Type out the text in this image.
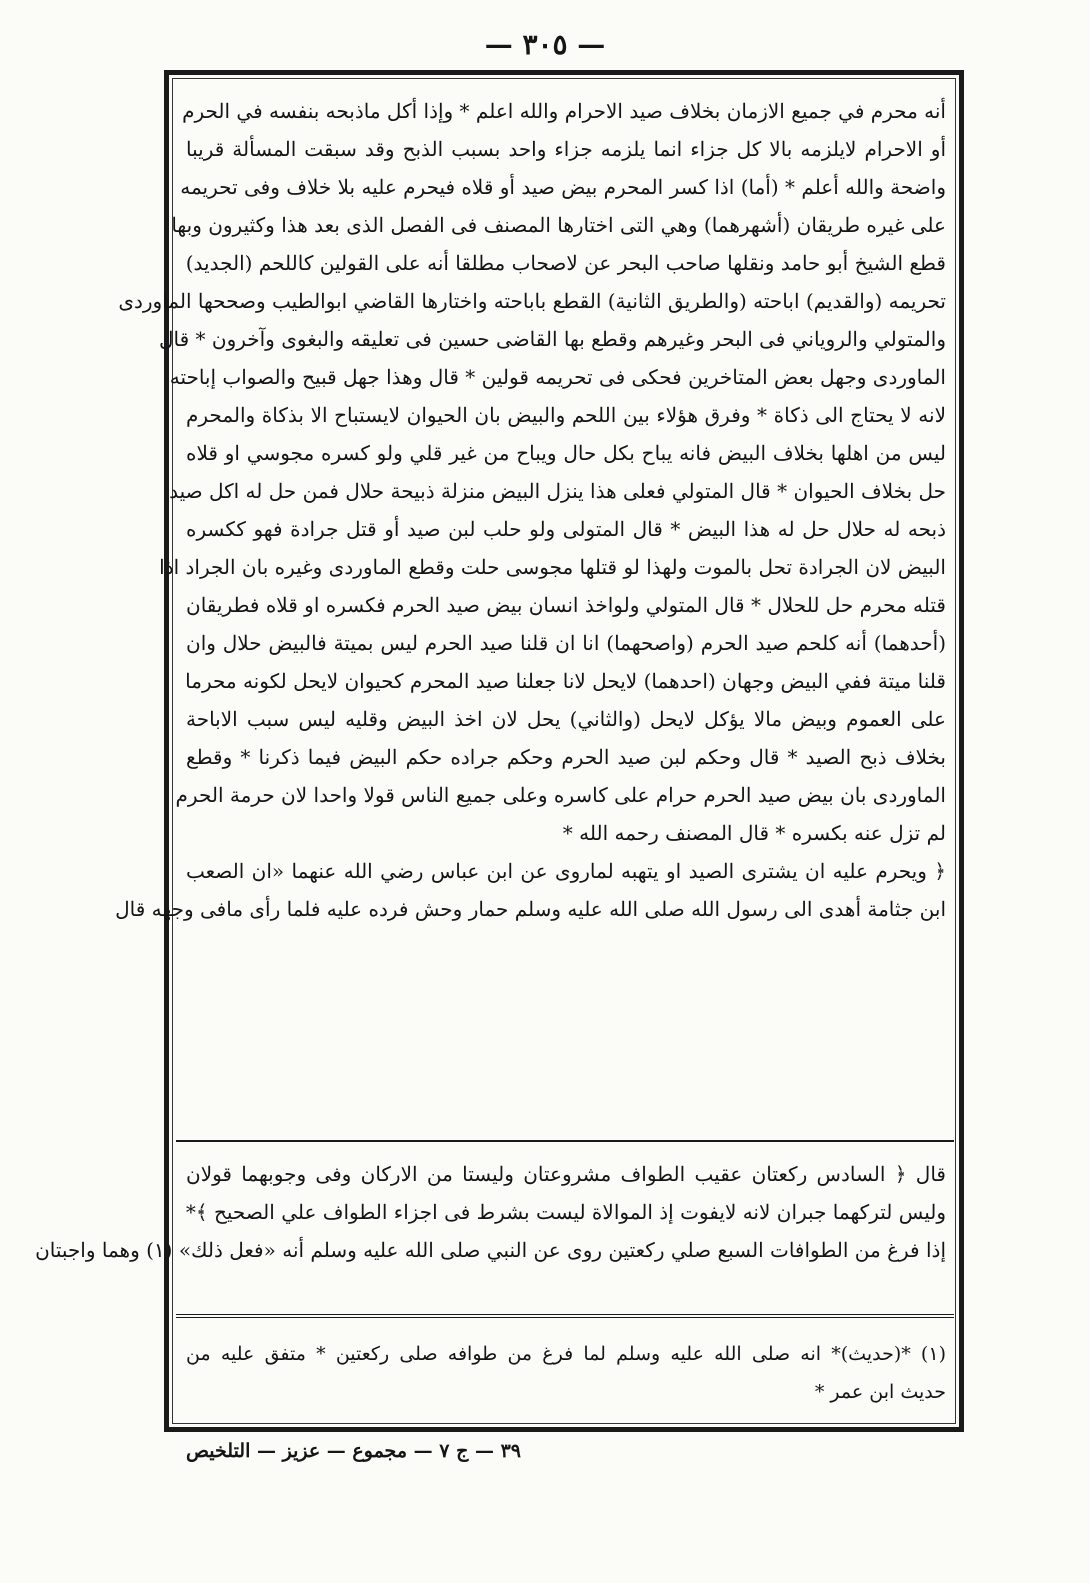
— ٣٠٥ —
أنه محرم في جميع الازمان بخلاف صيد الاحرام والله اعلم * وإذا أكل ماذبحه بنفسه في الحرم
أو الاحرام لايلزمه بالا كل جزاء انما يلزمه جزاء واحد بسبب الذبح وقد سبقت المسألة قريبا
واضحة والله أعلم * (أما) اذا كسر المحرم بيض صيد أو قلاه فيحرم عليه بلا خلاف وفى تحريمه
على غيره طريقان (أشهرهما) وهي التى اختارها المصنف فى الفصل الذى بعد هذا وكثيرون وبها
قطع الشيخ أبو حامد ونقلها صاحب البحر عن لاصحاب مطلقا أنه على القولين كاللحم (الجديد)
تحريمه (والقديم) اباحته (والطريق الثانية) القطع باباحته واختارها القاضي ابوالطيب وصححها الماوردى
والمتولي والروياني فى البحر وغيرهم وقطع بها القاضى حسين فى تعليقه والبغوى وآخرون * قال
الماوردى وجهل بعض المتاخرين فحكى فى تحريمه قولين * قال وهذا جهل قبيح والصواب إباحته
لانه لا يحتاج الى ذكاة * وفرق هؤلاء بين اللحم والبيض بان الحيوان لايستباح الا بذكاة والمحرم
ليس من اهلها بخلاف البيض فانه يباح بكل حال ويباح من غير قلي ولو كسره مجوسي او قلاه
حل بخلاف الحيوان * قال المتولي فعلى هذا ينزل البيض منزلة ذبيحة حلال فمن حل له اكل صيد
ذبحه له حلال حل له هذا البيض * قال المتولى ولو حلب لبن صيد أو قتل جرادة فهو ككسره
البيض لان الجرادة تحل بالموت ولهذا لو قتلها مجوسى حلت وقطع الماوردى وغيره بان الجراد اذا
قتله محرم حل للحلال * قال المتولي ولواخذ انسان بيض صيد الحرم فكسره او قلاه فطريقان
(أحدهما) أنه كلحم صيد الحرم (واصحهما) انا ان قلنا صيد الحرم ليس بميتة فالبيض حلال وان
قلنا ميتة ففي البيض وجهان (احدهما) لايحل لانا جعلنا صيد المحرم كحيوان لايحل لكونه محرما
على العموم وبيض مالا يؤكل لايحل (والثاني) يحل لان اخذ البيض وقليه ليس سبب الاباحة
بخلاف ذبح الصيد * قال وحكم لبن صيد الحرم وحكم جراده حكم البيض فيما ذكرنا * وقطع
الماوردى بان بيض صيد الحرم حرام على كاسره وعلى جميع الناس قولا واحدا لان حرمة الحرم
لم تزل عنه بكسره * قال المصنف رحمه الله *
﴿ ويحرم عليه ان يشترى الصيد او يتهبه لماروى عن ابن عباس رضي الله عنهما «ان الصعب
ابن جثامة أهدى الى رسول الله صلى الله عليه وسلم حمار وحش فرده عليه فلما رأى مافى وجهه قال
قال ﴿ السادس ركعتان عقيب الطواف مشروعتان وليستا من الاركان وفى وجوبهما قولان
وليس لتركهما جبران لانه لايفوت إذ الموالاة ليست بشرط فى اجزاء الطواف علي الصحيح ﴾*
إذا فرغ من الطوافات السبع صلي ركعتين روى عن النبي صلى الله عليه وسلم أنه «فعل ذلك» (١) وهما واجبتان
(١) *(حديث)* انه صلى الله عليه وسلم لما فرغ من طوافه صلى ركعتين * متفق عليه من
حديث ابن عمر *
٣٩ — ج ٧ — مجموع — عزيز — التلخيص
